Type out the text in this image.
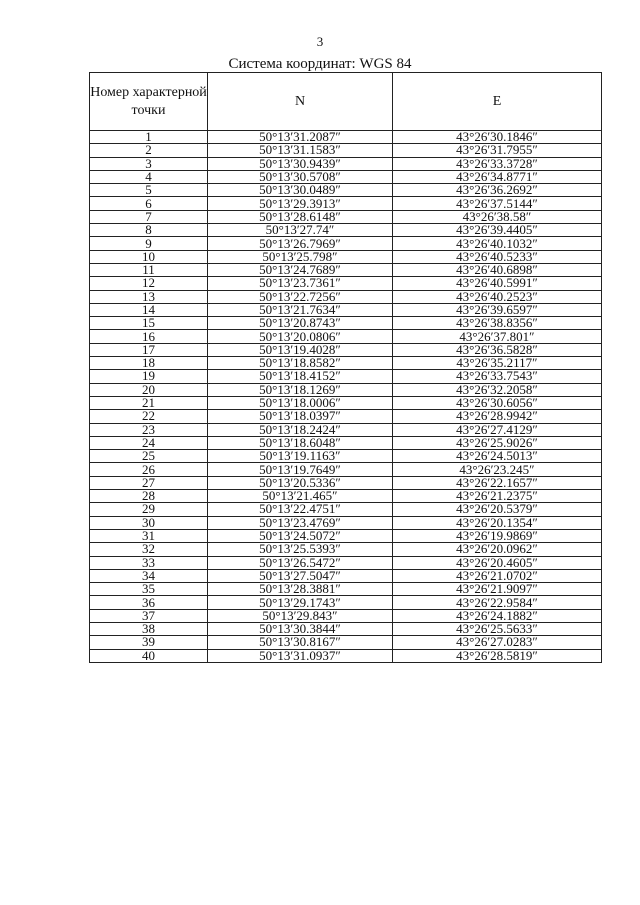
3
Система координат: WGS 84
Номер характерной точки	N	E
1	50°13′31.2087″	43°26′30.1846″
2	50°13′31.1583″	43°26′31.7955″
3	50°13′30.9439″	43°26′33.3728″
4	50°13′30.5708″	43°26′34.8771″
5	50°13′30.0489″	43°26′36.2692″
6	50°13′29.3913″	43°26′37.5144″
7	50°13′28.6148″	43°26′38.58″
8	50°13′27.74″	43°26′39.4405″
9	50°13′26.7969″	43°26′40.1032″
10	50°13′25.798″	43°26′40.5233″
11	50°13′24.7689″	43°26′40.6898″
12	50°13′23.7361″	43°26′40.5991″
13	50°13′22.7256″	43°26′40.2523″
14	50°13′21.7634″	43°26′39.6597″
15	50°13′20.8743″	43°26′38.8356″
16	50°13′20.0806″	43°26′37.801″
17	50°13′19.4028″	43°26′36.5828″
18	50°13′18.8582″	43°26′35.2117″
19	50°13′18.4152″	43°26′33.7543″
20	50°13′18.1269″	43°26′32.2058″
21	50°13′18.0006″	43°26′30.6056″
22	50°13′18.0397″	43°26′28.9942″
23	50°13′18.2424″	43°26′27.4129″
24	50°13′18.6048″	43°26′25.9026″
25	50°13′19.1163″	43°26′24.5013″
26	50°13′19.7649″	43°26′23.245″
27	50°13′20.5336″	43°26′22.1657″
28	50°13′21.465″	43°26′21.2375″
29	50°13′22.4751″	43°26′20.5379″
30	50°13′23.4769″	43°26′20.1354″
31	50°13′24.5072″	43°26′19.9869″
32	50°13′25.5393″	43°26′20.0962″
33	50°13′26.5472″	43°26′20.4605″
34	50°13′27.5047″	43°26′21.0702″
35	50°13′28.3881″	43°26′21.9097″
36	50°13′29.1743″	43°26′22.9584″
37	50°13′29.843″	43°26′24.1882″
38	50°13′30.3844″	43°26′25.5633″
39	50°13′30.8167″	43°26′27.0283″
40	50°13′31.0937″	43°26′28.5819″
